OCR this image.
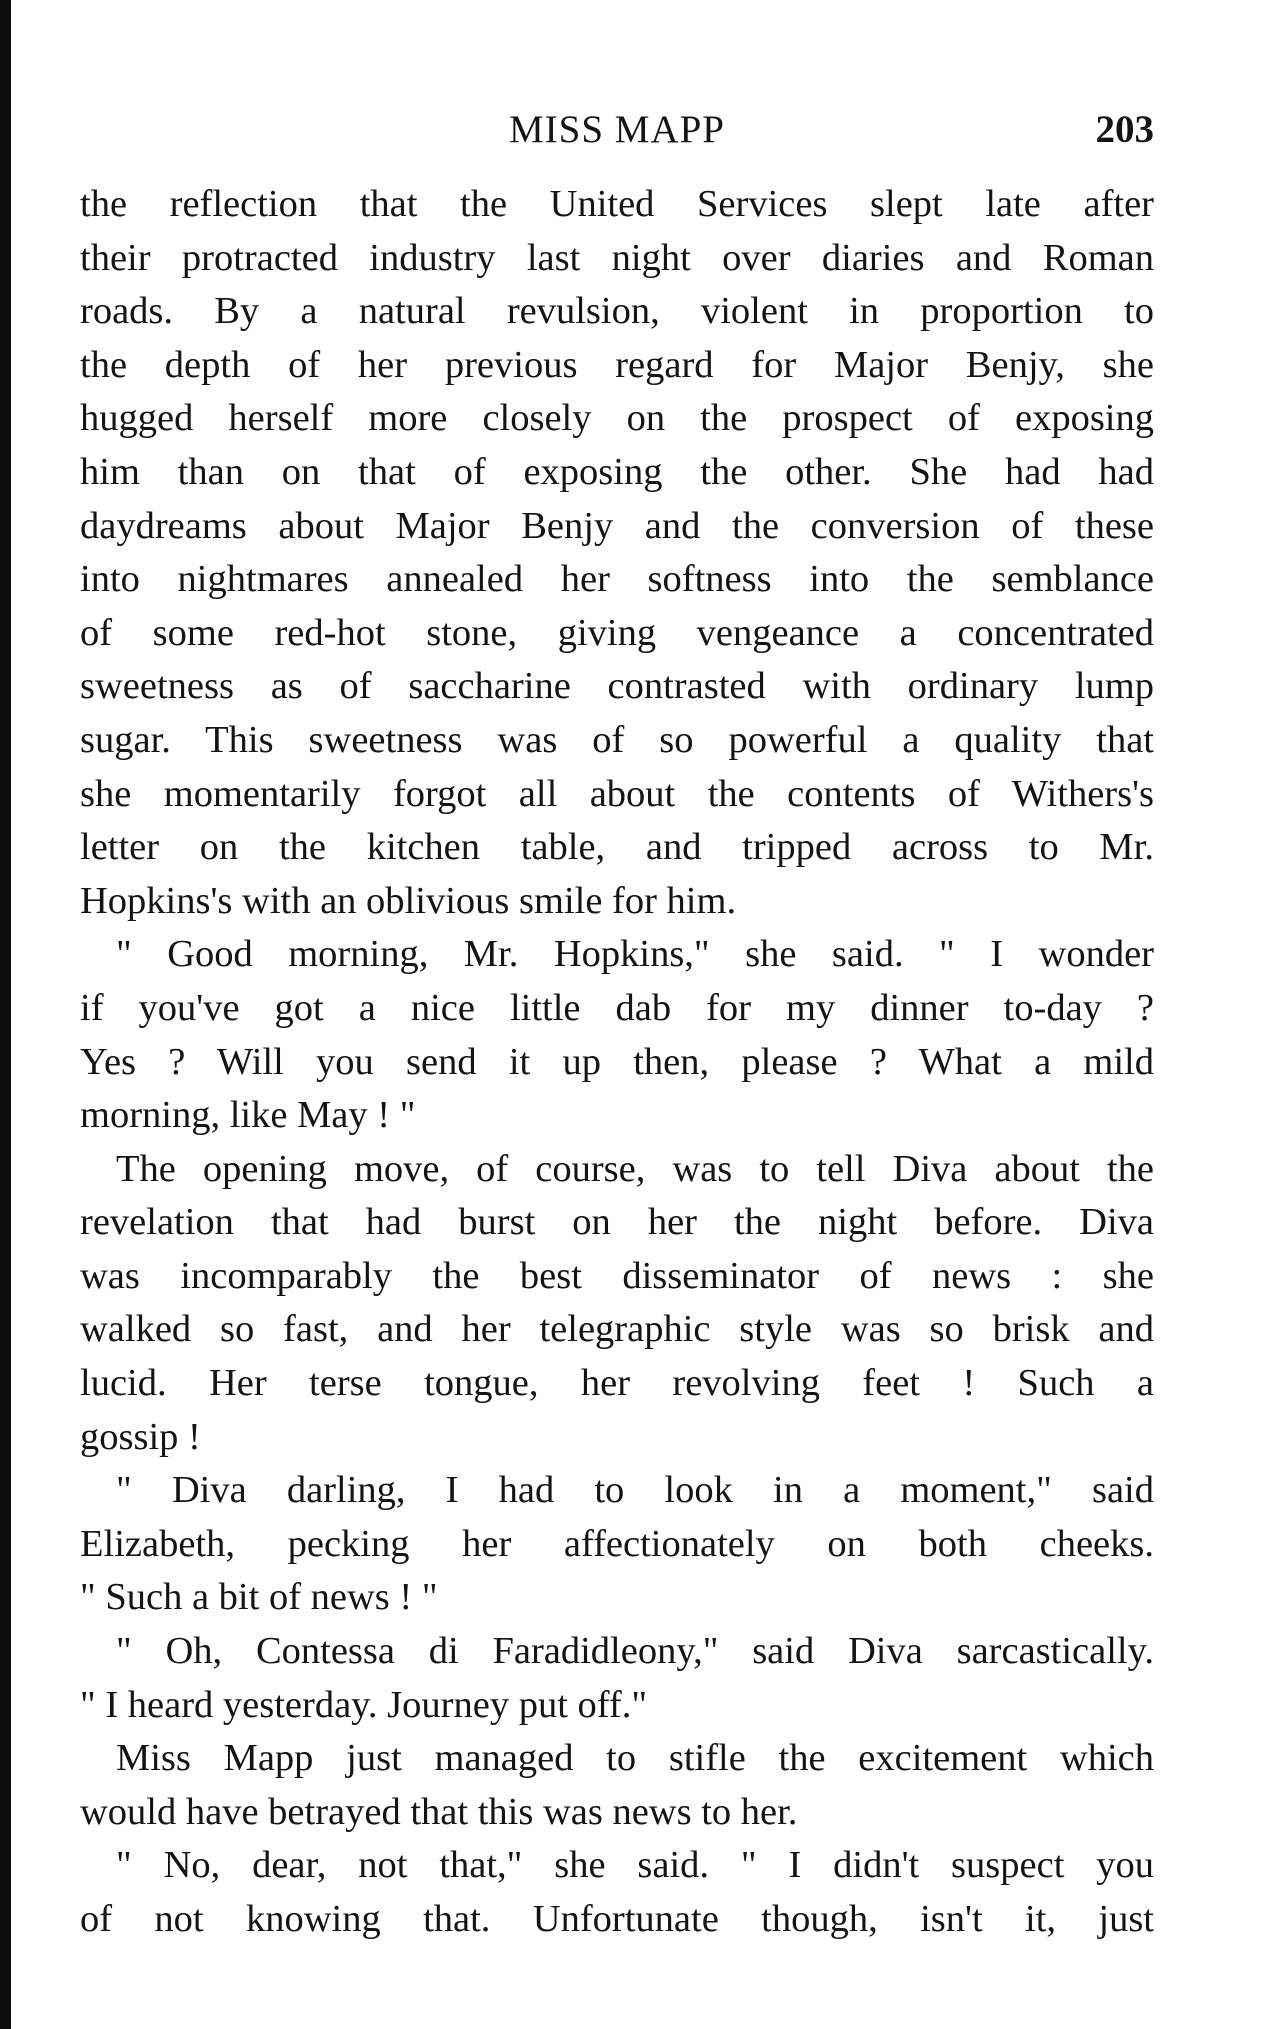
MISS MAPP	203
the reflection that the United Services slept late after
their protracted industry last night over diaries and Roman
roads. By a natural revulsion, violent in proportion to
the depth of her previous regard for Major Benjy, she
hugged herself more closely on the prospect of exposing
him than on that of exposing the other. She had had
daydreams about Major Benjy and the conversion of these
into nightmares annealed her softness into the semblance
of some red-hot stone, giving vengeance a concentrated
sweetness as of saccharine contrasted with ordinary lump
sugar. This sweetness was of so powerful a quality that
she momentarily forgot all about the contents of Withers's
letter on the kitchen table, and tripped across to Mr.
Hopkins's with an oblivious smile for him.
" Good morning, Mr. Hopkins," she said. " I wonder
if you've got a nice little dab for my dinner to-day ?
Yes ? Will you send it up then, please ? What a mild
morning, like May ! "
The opening move, of course, was to tell Diva about the
revelation that had burst on her the night before. Diva
was incomparably the best disseminator of news : she
walked so fast, and her telegraphic style was so brisk and
lucid. Her terse tongue, her revolving feet ! Such a
gossip !
" Diva darling, I had to look in a moment," said
Elizabeth, pecking her affectionately on both cheeks.
" Such a bit of news ! "
" Oh, Contessa di Faradidleony," said Diva sarcastically.
" I heard yesterday. Journey put off."
Miss Mapp just managed to stifle the excitement which
would have betrayed that this was news to her.
" No, dear, not that," she said. " I didn't suspect you
of not knowing that. Unfortunate though, isn't it, just
